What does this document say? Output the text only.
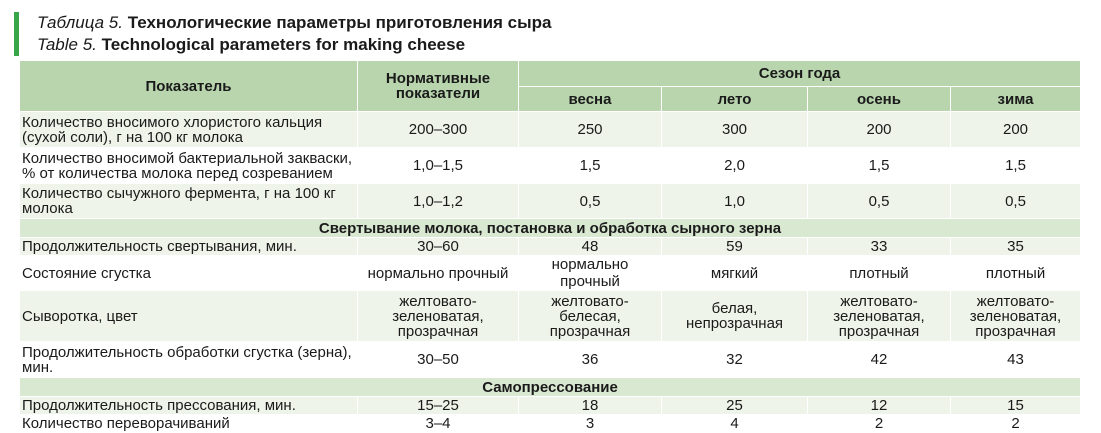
Таблица 5. Технологические параметры приготовления сыра
Table 5. Technological parameters for making cheese
Показатель	Нормативные показатели	Сезон года			
		весна	лето	осень	зима
Количество вносимого хлористого кальция (сухой соли), г на 100 кг молока	200–300	250	300	200	200
Количество вносимой бактериальной закваски, % от количества молока перед созреванием	1,0–1,5	1,5	2,0	1,5	1,5
Количество сычужного фермента, г на 100 кг молока	1,0–1,2	0,5	1,0	0,5	0,5
Свертывание молока, постановка и обработка сырного зерна					
Продолжительность свертывания, мин.	30–60	48	59	33	35
Состояние сгустка	нормально прочный	нормально прочный	мягкий	плотный	плотный
Сыворотка, цвет	желтовато-зеленоватая, прозрачная	желтовато-белесая, прозрачная	белая, непрозрачная	желтовато-зеленоватая, прозрачная	желтовато-зеленоватая, прозрачная
Продолжительность обработки сгустка (зерна), мин.	30–50	36	32	42	43
Самопрессование					
Продолжительность прессования, мин.	15–25	18	25	12	15
Количество переворачиваний	3–4	3	4	2	2
